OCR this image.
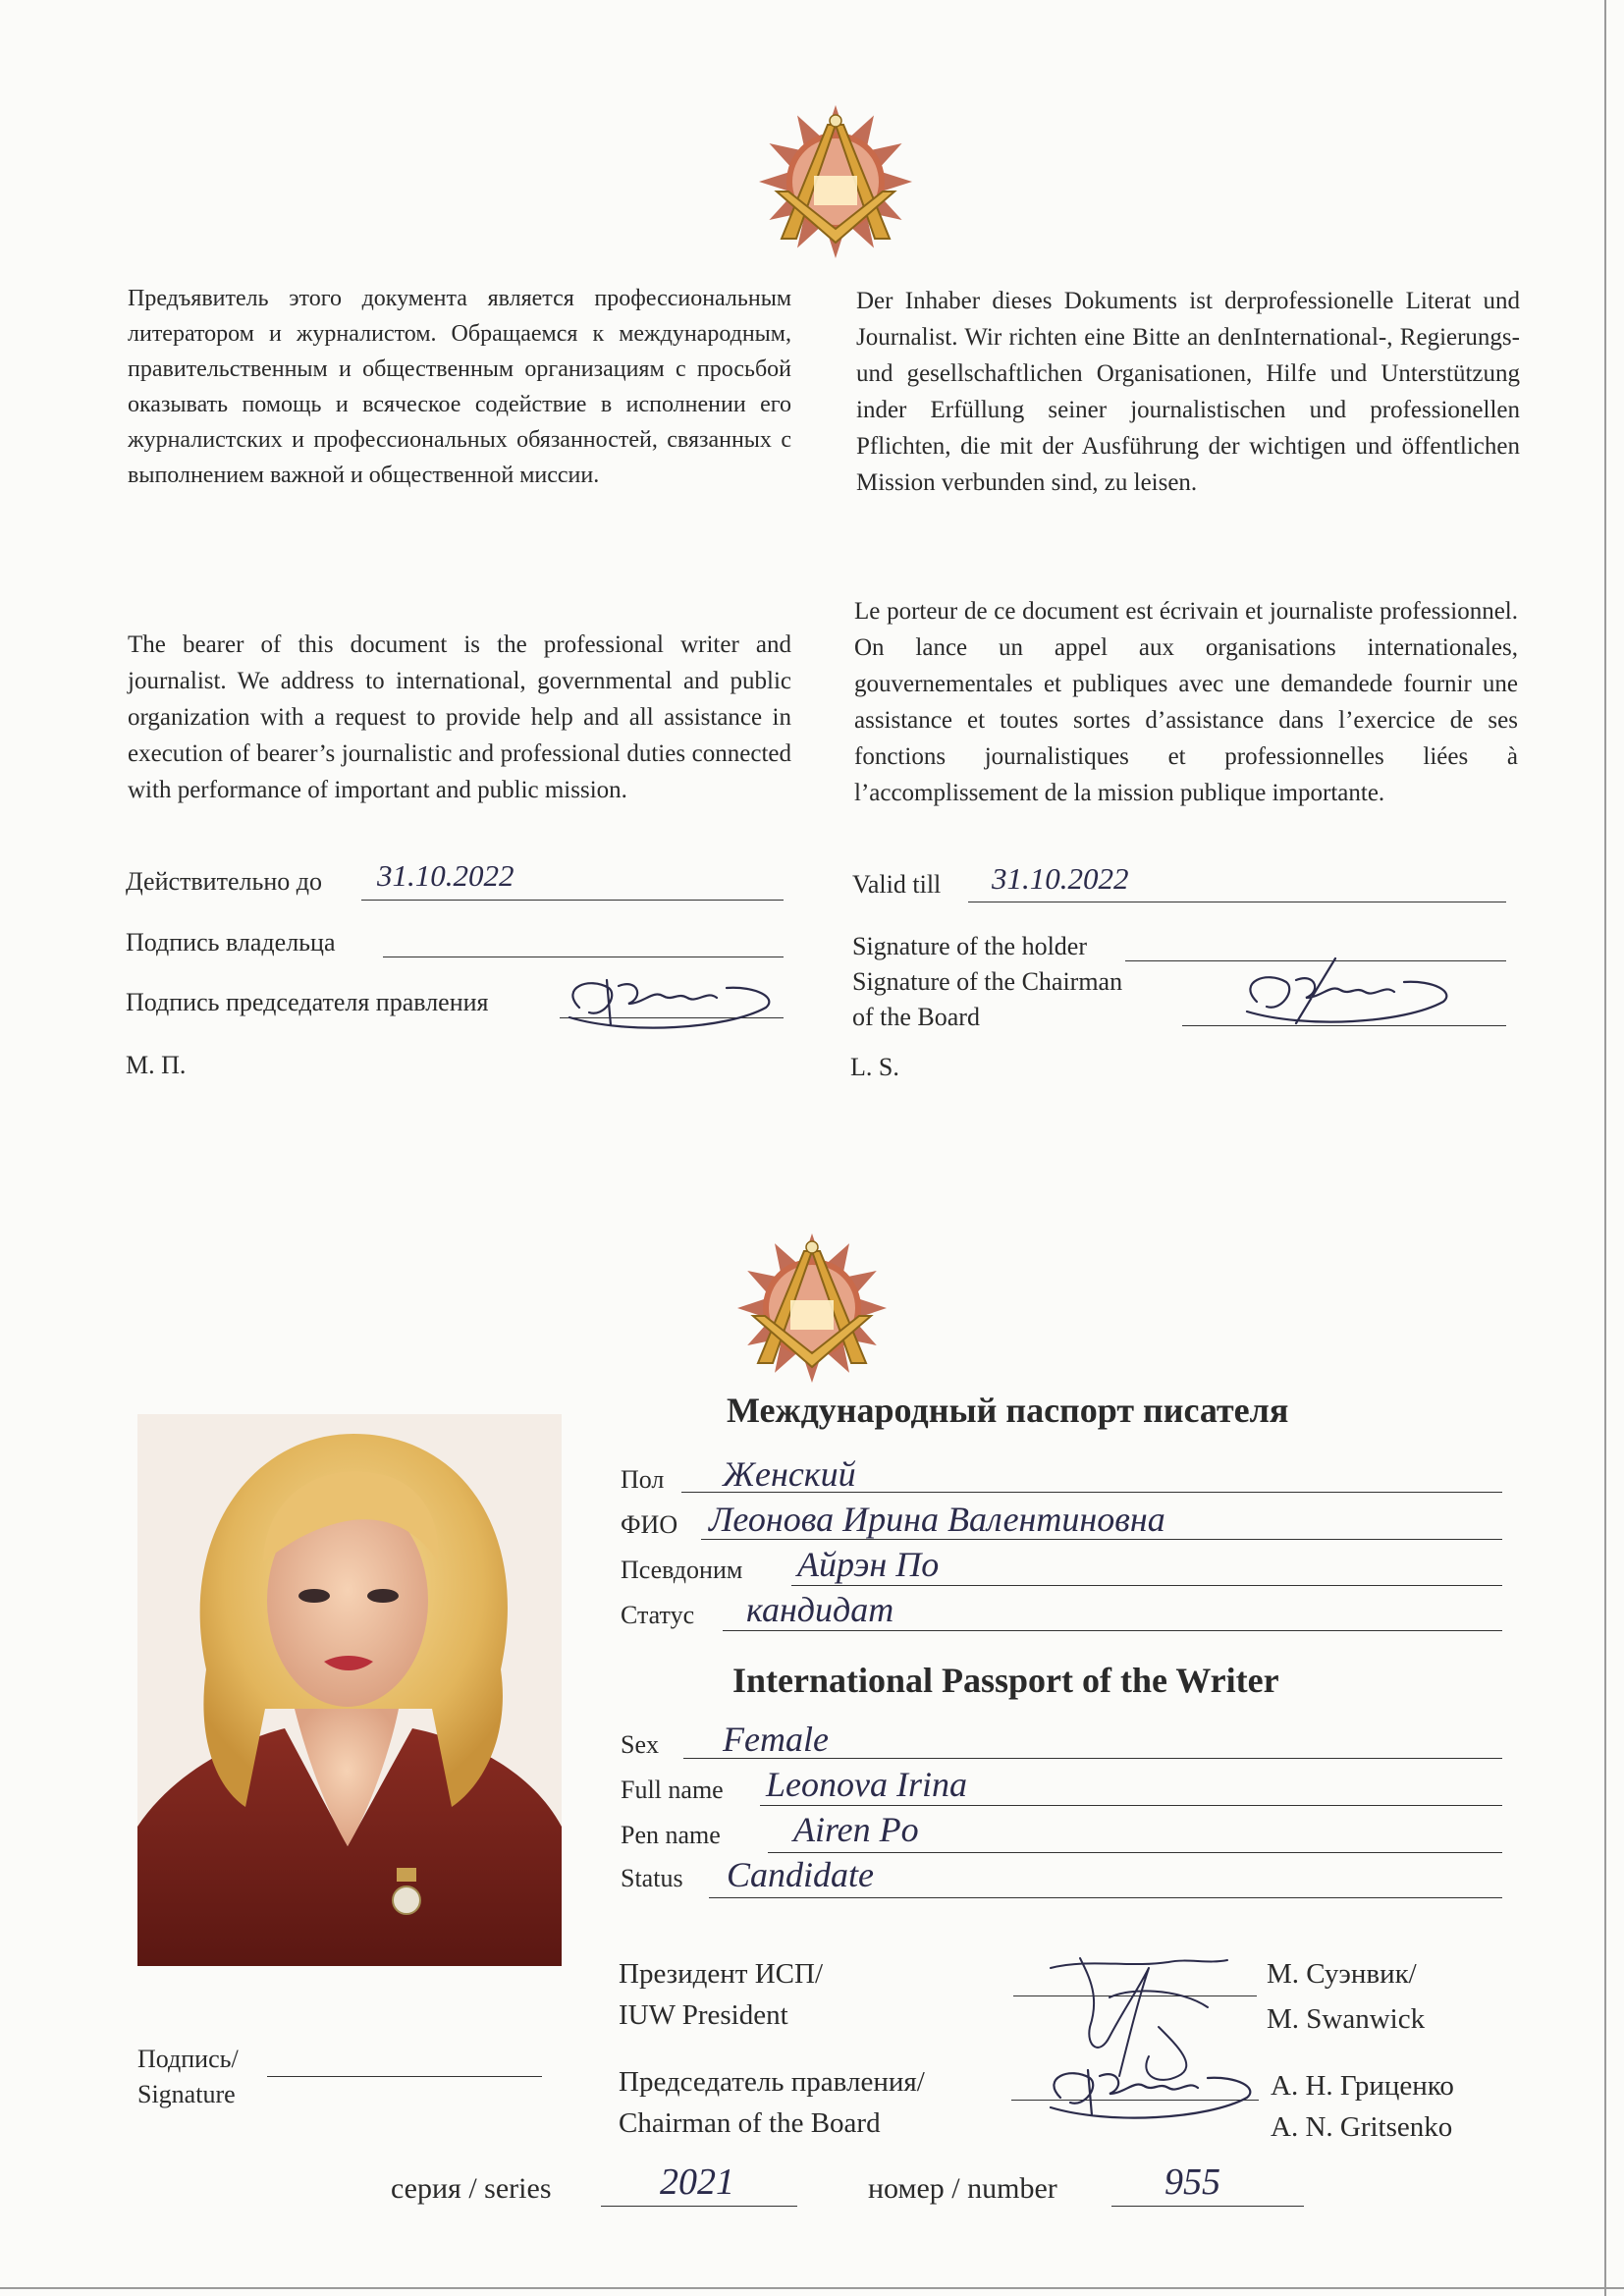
Предъявитель этого документа является профессиональным литератором и журналистом. Обращаемся к международным, правительственным и общественным организациям с просьбой оказывать помощь и всяческое содействие в исполнении его журналистских и профессиональных обязанностей, связанных с выполнением важной и общественной миссии.

Der Inhaber dieses Dokuments ist derprofessionelle Literat und Journalist. Wir richten eine Bitte an denInternational-, Regierungs- und gesellschaftlichen Organisationen, Hilfe und Unterstützung inder Erfüllung seiner journalistischen und professionellen Pflichten, die mit der Ausführung der wichtigen und öffentlichen Mission verbunden sind, zu leisen.

The bearer of this document is the professional writer and journalist. We address to international, governmental and public organization with a request to provide help and all assistance in execution of bearer’s journalistic and professional duties connected with performance of important and public mission.

Le porteur de ce document est écrivain et journaliste professionnel. On lance un appel aux organisations internationales, gouvernementales et publiques avec une demandede fournir une assistance et toutes sortes d’assistance dans l’exercice de ses fonctions journalistiques et professionnelles liées à l’accomplissement de la mission publique importante.

Действительно до 31.10.2022
Подпись владельца
Подпись председателя правления
М. П.
Valid till 31.10.2022
Signature of the holder
Signature of the Chairman
of the Board
L. S.
Международный паспорт писателя
Пол Женский
ФИО Леонова Ирина Валентиновна
Псевдоним Айрэн По
Статус кандидат
International Passport of the Writer
Sex Female
Full name Leonova Irina
Pen name Airen Po
Status Candidate
Президент ИСП/
IUW President
М. Суэнвик/
M. Swanwick
Председатель правления/
Chairman of the Board
А. Н. Гриценко
A. N. Gritsenko
Подпись/
Signature
серия / series	2021	номер / number	955
